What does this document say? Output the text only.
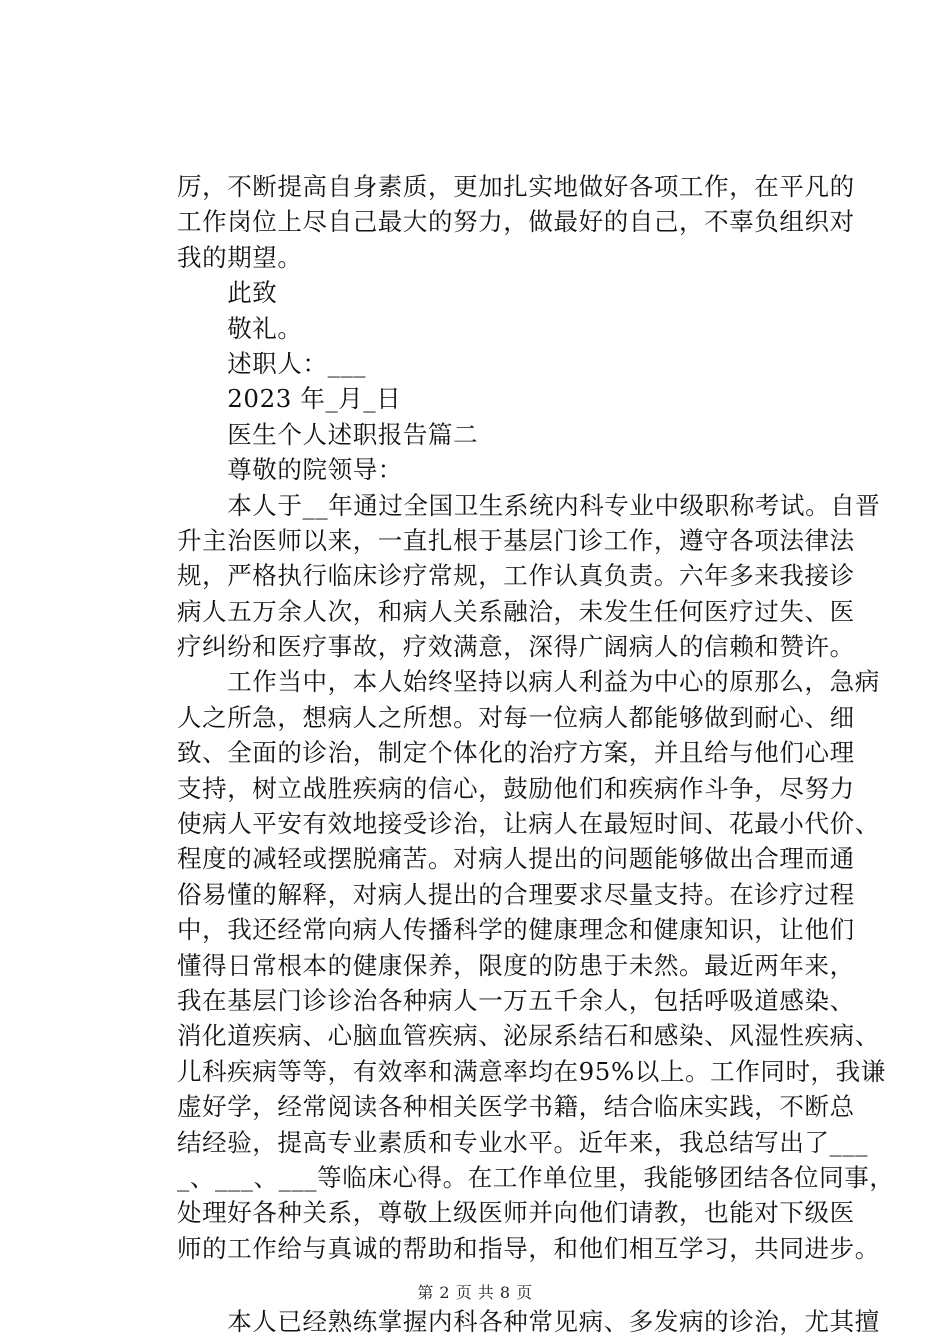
厉，不断提高自身素质，更加扎实地做好各项工作，在平凡的
工作岗位上尽自己最大的努力，做最好的自己，不辜负组织对
我的期望。
　　此致
　　敬礼。
　　述职人：___
　　2023 年_月_日
　　医生个人述职报告篇二
　　尊敬的院领导：
　　本人于__年通过全国卫生系统内科专业中级职称考试。自晋
升主治医师以来，一直扎根于基层门诊工作，遵守各项法律法
规，严格执行临床诊疗常规，工作认真负责。六年多来我接诊
病人五万余人次，和病人关系融洽，未发生任何医疗过失、医
疗纠纷和医疗事故，疗效满意，深得广阔病人的信赖和赞许。
　　工作当中，本人始终坚持以病人利益为中心的原那么，急病
人之所急，想病人之所想。对每一位病人都能够做到耐心、细
致、全面的诊治，制定个体化的治疗方案，并且给与他们心理
支持，树立战胜疾病的信心，鼓励他们和疾病作斗争，尽努力
使病人平安有效地接受诊治，让病人在最短时间、花最小代价、
程度的减轻或摆脱痛苦。对病人提出的问题能够做出合理而通
俗易懂的解释，对病人提出的合理要求尽量支持。在诊疗过程
中，我还经常向病人传播科学的健康理念和健康知识，让他们
懂得日常根本的健康保养，限度的防患于未然。最近两年来，
我在基层门诊诊治各种病人一万五千余人，包括呼吸道感染、
消化道疾病、心脑血管疾病、泌尿系结石和感染、风湿性疾病、
儿科疾病等等，有效率和满意率均在95%以上。工作同时，我谦
虚好学，经常阅读各种相关医学书籍，结合临床实践，不断总
结经验，提高专业素质和专业水平。近年来，我总结写出了___
_、___、___等临床心得。在工作单位里，我能够团结各位同事，
处理好各种关系，尊敬上级医师并向他们请教，也能对下级医
师的工作给与真诚的帮助和指导，和他们相互学习，共同进步。
　　本人已经熟练掌握内科各种常见病、多发病的诊治，尤其擅
第 2 页 共 8 页
